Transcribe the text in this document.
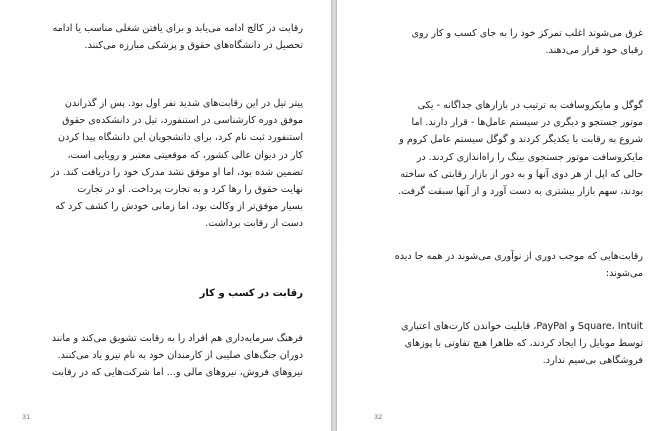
رقابت در کالج ادامه می‌یابد و برای یافتن شغلی مناسب یا ادامه
تحصیل در دانشگاه‌های حقوق و پزشکی مبارزه می‌کنند.
پیتر تیل در این رقابت‌های شدید نفر اول بود. پس از گذراندن
موفق دوره کارشناسی در استنفورد، تیل در دانشکده‌ی حقوق
استنفورد ثبت نام کرد، برای دانشجویان این دانشگاه پیدا کردن
کار در دیوان عالی کشور، که موقعیتی معتبر و رویایی است،
تضمین شده بود، اما او موفق نشد مدرک خود را دریافت کند. در
نهایت حقوق را رها کرد و به تجارت پرداخت. او در تجارت
بسیار موفق‌تر از وکالت بود، اما زمانی خودش را کشف کرد که
دست از رقابت برداشت.
رقابت در کسب و کار
فرهنگ سرمایه‌داری هم افراد را به رقابت تشویق می‌کند و مانند
دوران جنگ‌های صلیبی از کارمندان خود به نام نیرو یاد می‌کنند.
نیروهای فروش، نیروهای مالی و... اما شرکت‌هایی که در رقابت
31
غرق می‌شوند اغلب تمرکز خود را به جای کسب و کار روی
رقبای خود قرار می‌دهند.
گوگل و مایکروسافت به ترتیب در بازارهای جداگانه - یکی
موتور جستجو و دیگری در سیستم عامل‌ها - قرار دارند. اما
شروع به رقابت با یکدیگر کردند و گوگل سیستم عامل کروم و
مایکروسافت موتور جستجوی بینگ را راه‌اندازی کردند. در
حالی که اپل از هر دوی آنها و به دور از بازار رقابتی که ساخته
بودند، سهم بازار بیشتری به دست آورد و از آنها سبقت گرفت.
رقابت‌هایی که موجب دوری از نوآوری می‌شوند در همه جا دیده
می‌شوند:
Square، Intuit و PayPal، قابلیت خواندن کارت‌های اعتباری
توسط موبایل را ایجاد کردند، که ظاهرا هیچ تفاوتی با پوزهای
فروشگاهی بی‌سیم ندارد.
32
